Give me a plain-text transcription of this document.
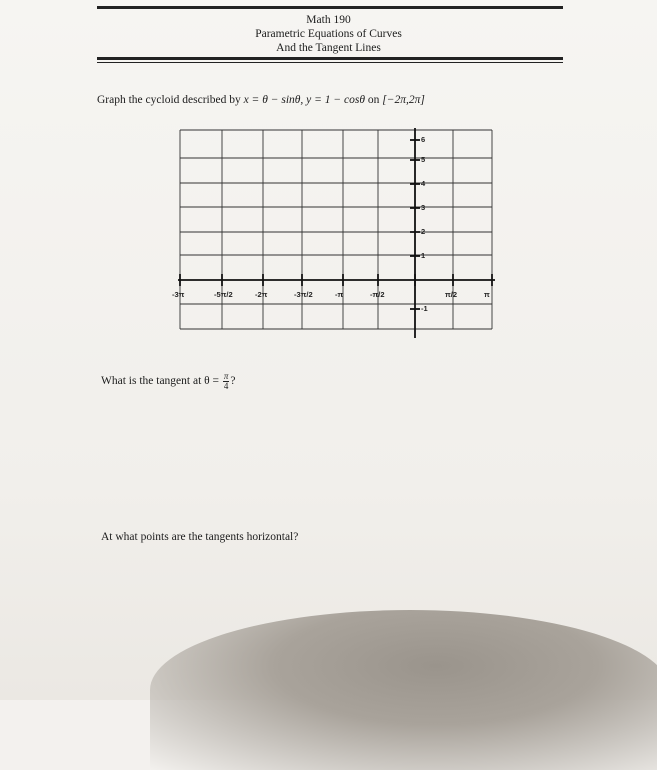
Math 190
Parametric Equations of Curves
And the Tangent Lines
Graph the cycloid described by x = θ − sinθ, y = 1 − cosθ on [−2π,2π]
-3π	-5π/2	-2π	-3π/2	-π	-π/2	π/2	π
6
5
4
3
2
1
-1
What is the tangent at $\theta = \frac{\pi}{4}$ ?
At what points are the tangents horizontal?
